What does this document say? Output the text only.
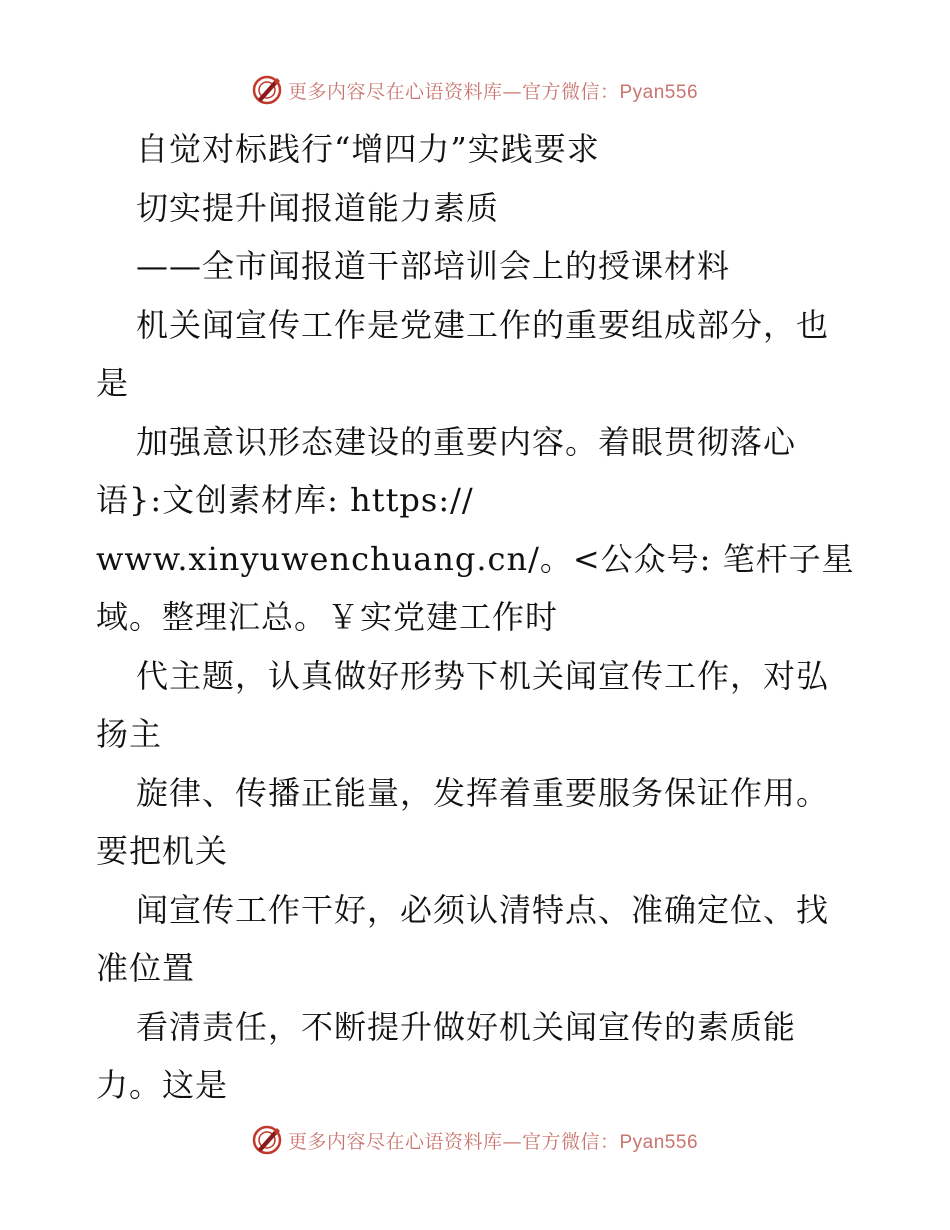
更多内容尽在心语资料库—官方微信：Pyan556
自觉对标践行“增四力”实践要求
切实提升闻报道能力素质
——全市闻报道干部培训会上的授课材料
机关闻宣传工作是党建工作的重要组成部分，也
是
加强意识形态建设的重要内容。着眼贯彻落心
语}:文创素材库: https://
www.xinyuwenchuang.cn/。<公众号: 笔杆子星
域。整理汇总。￥实党建工作时
代主题，认真做好形势下机关闻宣传工作，对弘
扬主
旋律、传播正能量，发挥着重要服务保证作用。
要把机关
闻宣传工作干好，必须认清特点、准确定位、找
准位置
看清责任，不断提升做好机关闻宣传的素质能
力。这是
更多内容尽在心语资料库—官方微信：Pyan556
